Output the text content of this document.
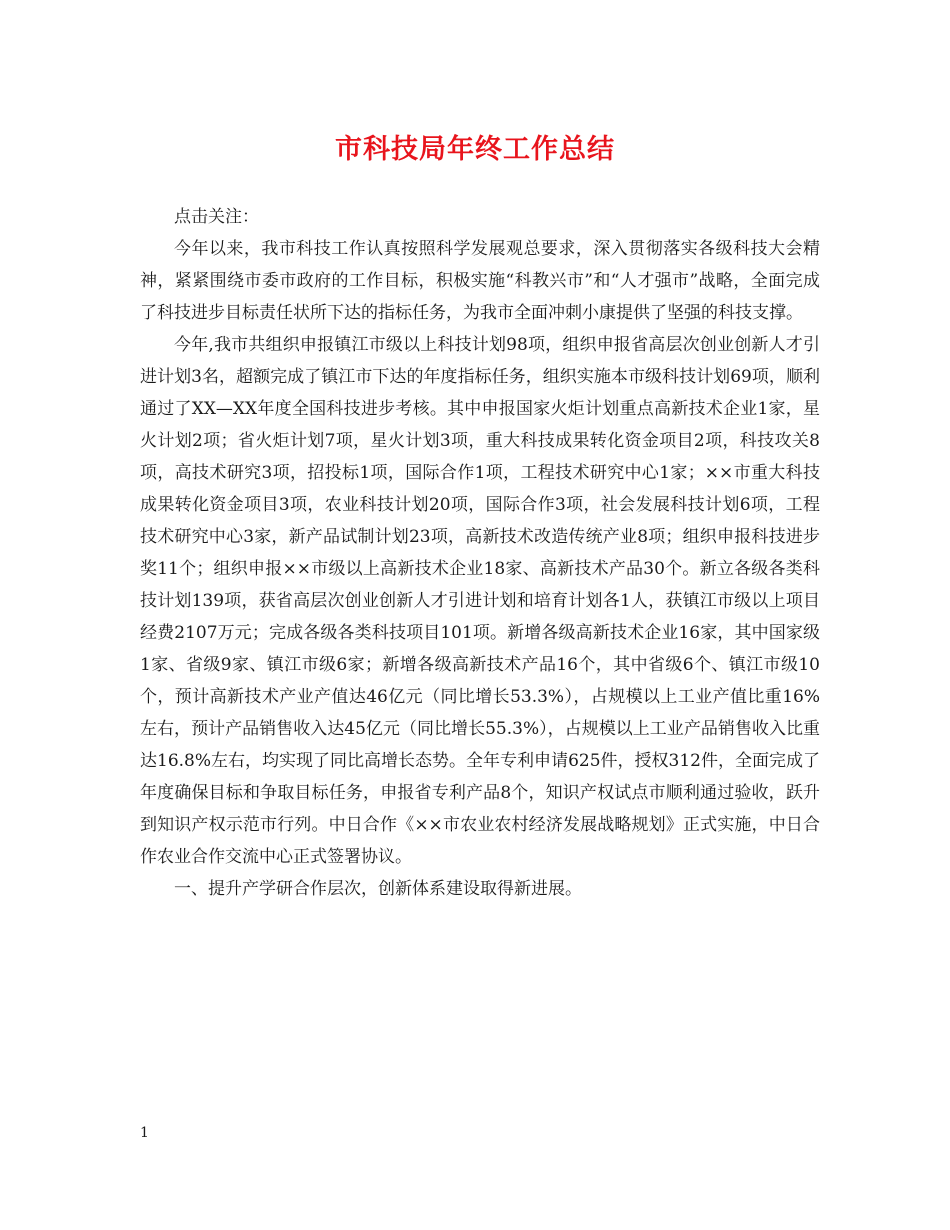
市科技局年终工作总结

点击关注：

今年以来，我市科技工作认真按照科学发展观总要求，深入贯彻落实各级科技大会精神，紧紧围绕市委市政府的工作目标，积极实施“科教兴市”和“人才强市”战略，全面完成了科技进步目标责任状所下达的指标任务，为我市全面冲刺小康提供了坚强的科技支撑。

今年,我市共组织申报镇江市级以上科技计划98项，组织申报省高层次创业创新人才引进计划3名，超额完成了镇江市下达的年度指标任务，组织实施本市级科技计划69项，顺利通过了XX—XX年度全国科技进步考核。其中申报国家火炬计划重点高新技术企业1家，星火计划2项；省火炬计划7项，星火计划3项，重大科技成果转化资金项目2项，科技攻关8项，高技术研究3项，招投标1项，国际合作1项，工程技术研究中心1家；××市重大科技成果转化资金项目3项，农业科技计划20项，国际合作3项，社会发展科技计划6项，工程技术研究中心3家，新产品试制计划23项，高新技术改造传统产业8项；组织申报科技进步奖11个；组织申报××市级以上高新技术企业18家、高新技术产品30个。新立各级各类科技计划139项，获省高层次创业创新人才引进计划和培育计划各1人，获镇江市级以上项目经费2107万元；完成各级各类科技项目101项。新增各级高新技术企业16家，其中国家级1家、省级9家、镇江市级6家；新增各级高新技术产品16个，其中省级6个、镇江市级10个，预计高新技术产业产值达46亿元（同比增长53.3%），占规模以上工业产值比重16%左右，预计产品销售收入达45亿元（同比增长55.3%），占规模以上工业产品销售收入比重达16.8%左右，均实现了同比高增长态势。全年专利申请625件，授权312件，全面完成了年度确保目标和争取目标任务，申报省专利产品8个，知识产权试点市顺利通过验收，跃升到知识产权示范市行列。中日合作《××市农业农村经济发展战略规划》正式实施，中日合作农业合作交流中心正式签署协议。

一、提升产学研合作层次，创新体系建设取得新进展。

1
